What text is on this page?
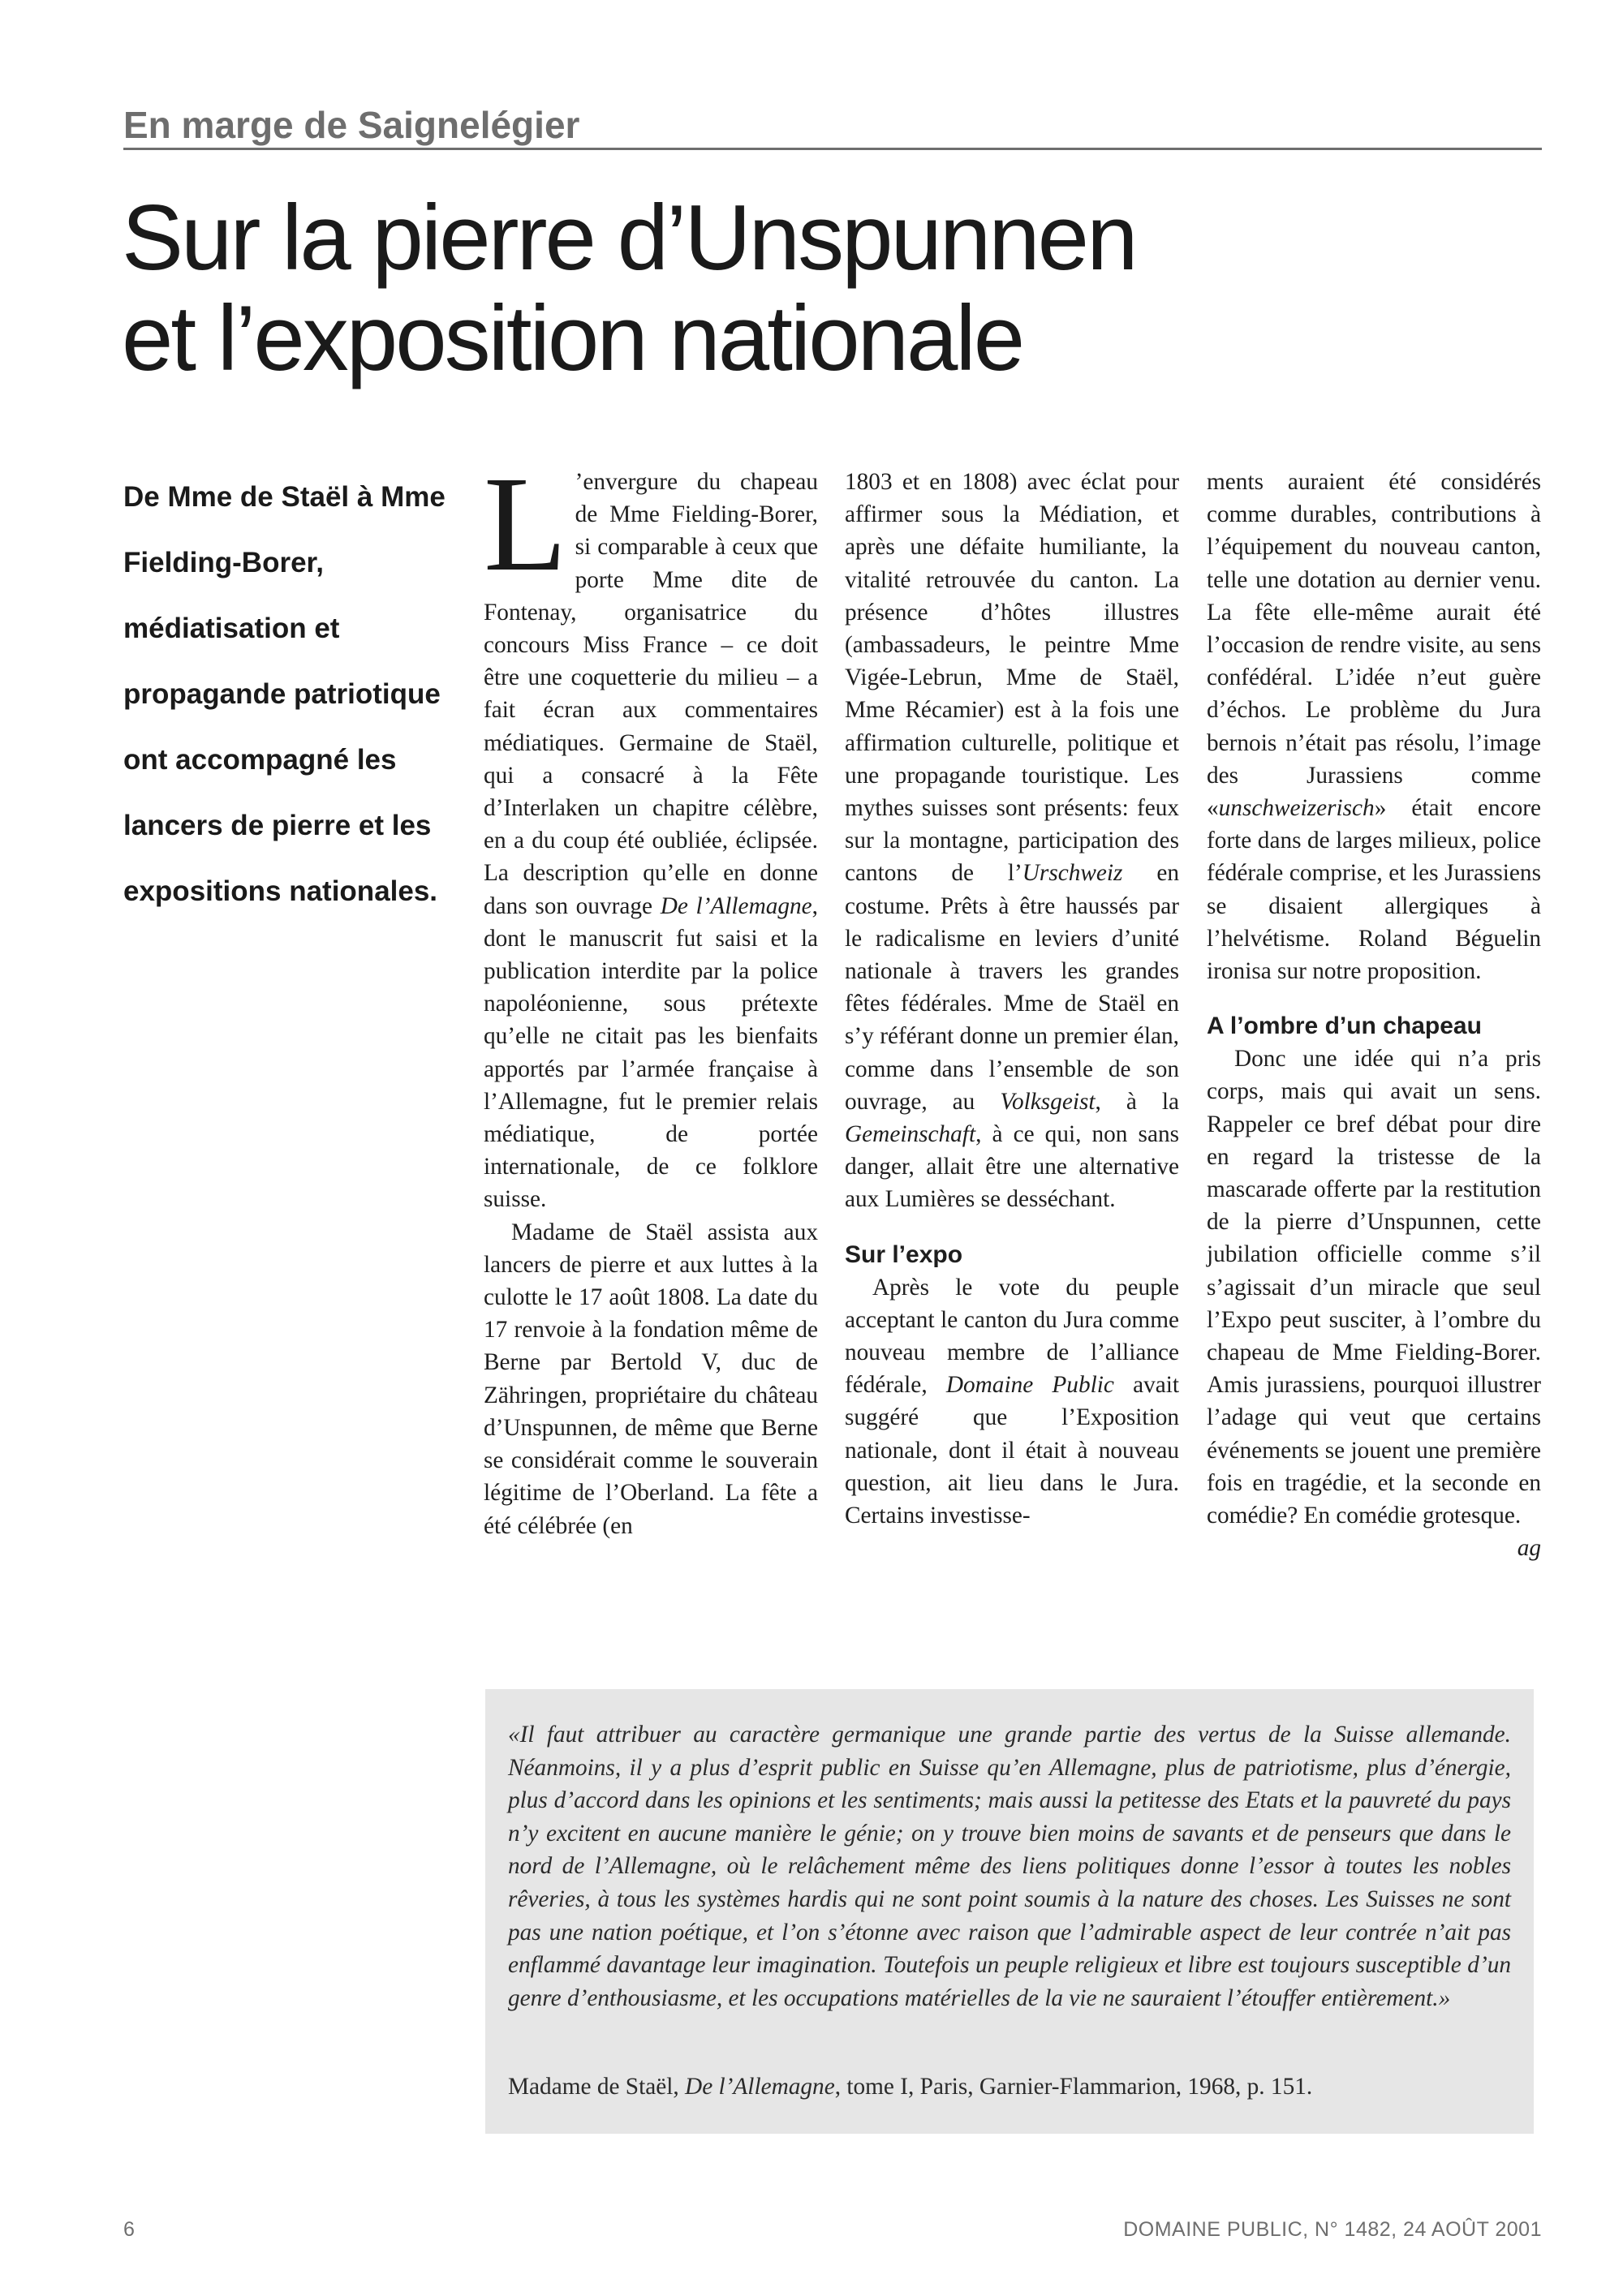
En marge de Saignelégier
Sur la pierre d’Unspunnen
et l’exposition nationale
De Mme de Staël à Mme Fielding-Borer, médiatisation et propagande patriotique ont accompagné les lancers de pierre et les expositions nationales.

L ’envergure du chapeau de Mme Fielding-Borer, si comparable à ceux que porte Mme dite de Fontenay, organisatrice du concours Miss France – ce doit être une coquetterie du milieu – a fait écran aux commentaires médiatiques. Germaine de Staël, qui a consacré à la Fête d’Interlaken un chapitre célèbre, en a du coup été oubliée, éclipsée. La description qu’elle en donne dans son ouvrage De l’Allemagne, dont le manuscrit fut saisi et la publication interdite par la police napoléonienne, sous prétexte qu’elle ne citait pas les bienfaits apportés par l’armée française à l’Allemagne, fut le premier relais médiatique, de portée internationale, de ce folklore suisse.

Madame de Staël assista aux lancers de pierre et aux luttes à la culotte le 17 août 1808. La date du 17 renvoie à la fondation même de Berne par Bertold V, duc de Zähringen, propriétaire du château d’Unspunnen, de même que Berne se considérait comme le souverain légitime de l’Oberland. La fête a été célébrée (en

1803 et en 1808) avec éclat pour affirmer sous la Médiation, et après une défaite humiliante, la vitalité retrouvée du canton. La présence d’hôtes illustres (ambassadeurs, le peintre Mme Vigée-Lebrun, Mme de Staël, Mme Récamier) est à la fois une affirmation culturelle, politique et une propagande touristique. Les mythes suisses sont présents: feux sur la montagne, participation des cantons de l’Urschweiz en costume. Prêts à être haussés par le radicalisme en leviers d’unité nationale à travers les grandes fêtes fédérales. Mme de Staël en s’y référant donne un premier élan, comme dans l’ensemble de son ouvrage, au Volksgeist, à la Gemeinschaft, à ce qui, non sans danger, allait être une alternative aux Lumières se desséchant.

Sur l’expo

Après le vote du peuple acceptant le canton du Jura comme nouveau membre de l’alliance fédérale, Domaine Public avait suggéré que l’Exposition nationale, dont il était à nouveau question, ait lieu dans le Jura. Certains investisse-

ments auraient été considérés comme durables, contributions à l’équipement du nouveau canton, telle une dotation au dernier venu. La fête elle-même aurait été l’occasion de rendre visite, au sens confédéral. L’idée n’eut guère d’échos. Le problème du Jura bernois n’était pas résolu, l’image des Jurassiens comme «unschweizerisch» était encore forte dans de larges milieux, police fédérale comprise, et les Jurassiens se disaient allergiques à l’helvétisme. Roland Béguelin ironisa sur notre proposition.

A l’ombre d’un chapeau

Donc une idée qui n’a pris corps, mais qui avait un sens. Rappeler ce bref débat pour dire en regard la tristesse de la mascarade offerte par la restitution de la pierre d’Unspunnen, cette jubilation officielle comme s’il s’agissait d’un miracle que seul l’Expo peut susciter, à l’ombre du chapeau de Mme Fielding-Borer. Amis jurassiens, pourquoi illustrer l’adage qui veut que certains événements se jouent une première fois en tragédie, et la seconde en comédie? En comédie grotesque.
ag

«Il faut attribuer au caractère germanique une grande partie des vertus de la Suisse allemande. Néanmoins, il y a plus d’esprit public en Suisse qu’en Allemagne, plus de patriotisme, plus d’énergie, plus d’accord dans les opinions et les sentiments; mais aussi la petitesse des Etats et la pauvreté du pays n’y excitent en aucune manière le génie; on y trouve bien moins de savants et de penseurs que dans le nord de l’Allemagne, où le relâchement même des liens politiques donne l’essor à toutes les nobles rêveries, à tous les systèmes hardis qui ne sont point soumis à la nature des choses. Les Suisses ne sont pas une nation poétique, et l’on s’étonne avec raison que l’admirable aspect de leur contrée n’ait pas enflammé davantage leur imagination. Toutefois un peuple religieux et libre est toujours susceptible d’un genre d’enthousiasme, et les occupations matérielles de la vie ne sauraient l’étouffer entièrement.»

Madame de Staël, De l’Allemagne, tome I, Paris, Garnier-Flammarion, 1968, p. 151.

6	DOMAINE PUBLIC, N° 1482, 24 AOÛT 2001
